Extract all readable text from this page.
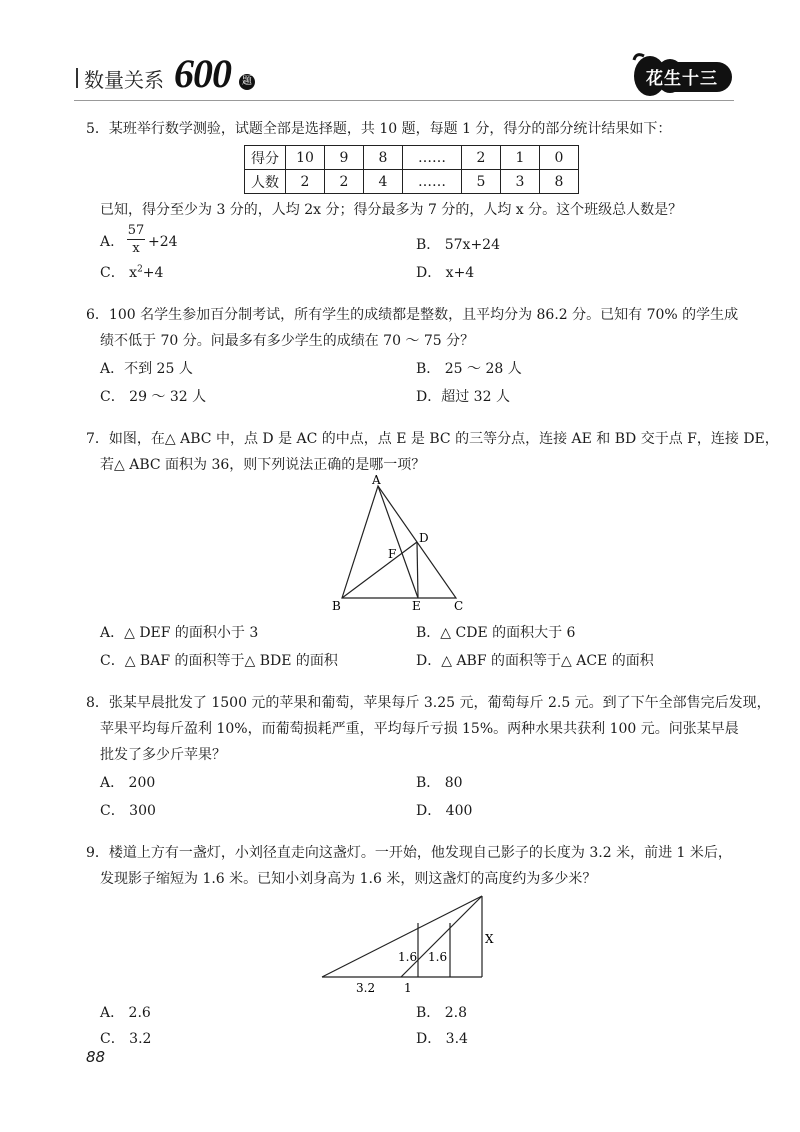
数量关系 600	题	花生十三
5．某班举行数学测验，试题全部是选择题，共 10 题，每题 1 分，得分的部分统计结果如下：
得分	10	9	8	……	2	1	0
人数	2	2	4	……	5	3	8
已知，得分至少为 3 分的，人均 2x 分；得分最多为 7 分的，人均 x 分。这个班级总人数是？
A.
57
x +24	B． 57x+24
C． $x^2+4$	D． x+4
6．100 名学生参加百分制考试，所有学生的成绩都是整数，且平均分为 86.2 分。已知有 70% 的学生成
绩不低于 70 分。问最多有多少学生的成绩在 70 ～ 75 分？
A．不到 25 人	B． 25 ～ 28 人
C． 29 ～ 32 人	D．超过 32 人
7．如图，在△ ABC 中，点 D 是 AC 的中点，点 E 是 BC 的三等分点，连接 AE 和 BD 交于点 F，连接 DE，
若△ ABC 面积为 36，则下列说法正确的是哪一项？
A
B	C
D
E
F
A．△ DEF 的面积小于 3	B．△ CDE 的面积大于 6
C．△ BAF 的面积等于△ BDE 的面积	D．△ ABF 的面积等于△ ACE 的面积
8．张某早晨批发了 1500 元的苹果和葡萄，苹果每斤 3.25 元，葡萄每斤 2.5 元。到了下午全部售完后发现，
苹果平均每斤盈利 10%，而葡萄损耗严重，平均每斤亏损 15%。两种水果共获利 100 元。问张某早晨
批发了多少斤苹果？
A． 200	B． 80
C． 300	D． 400
9．楼道上方有一盏灯，小刘径直走向这盏灯。一开始，他发现自己影子的长度为 3.2 米，前进 1 米后，
发现影子缩短为 1.6 米。已知小刘身高为 1.6 米，则这盏灯的高度约为多少米？
1.6 1.6
X
3.2 1
A． 2.6	B． 2.8
C． 3.2	D． 3.4
88
